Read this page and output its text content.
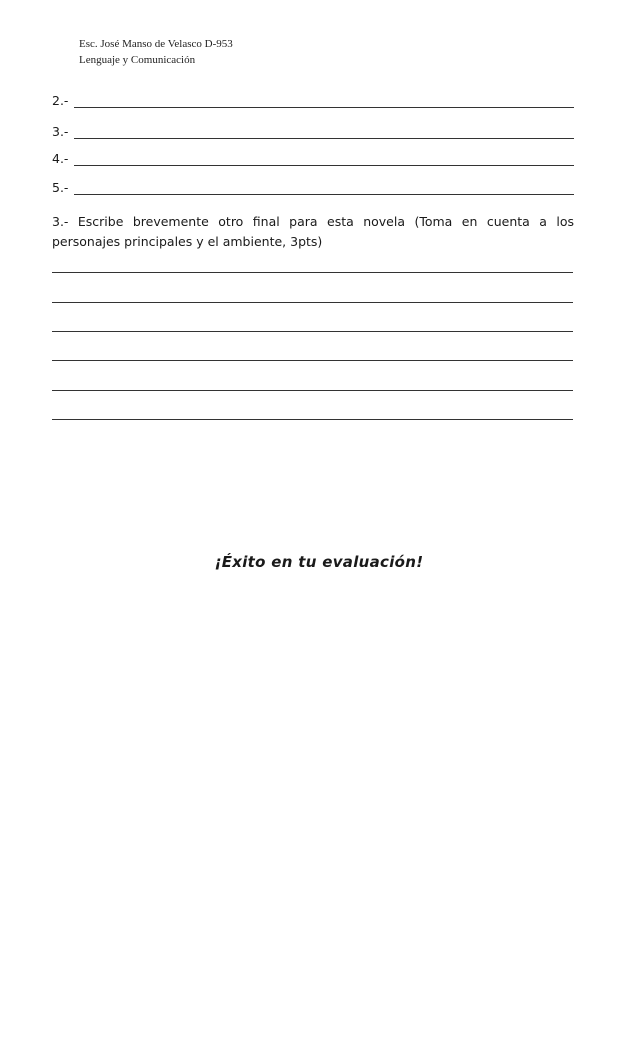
Esc. José Manso de Velasco D-953
Lenguaje y Comunicación
2.-
3.-
4.-
5.-
3.- Escribe brevemente otro final para esta novela (Toma en cuenta a los personajes principales y el ambiente, 3pts)
¡Éxito en tu evaluación!
